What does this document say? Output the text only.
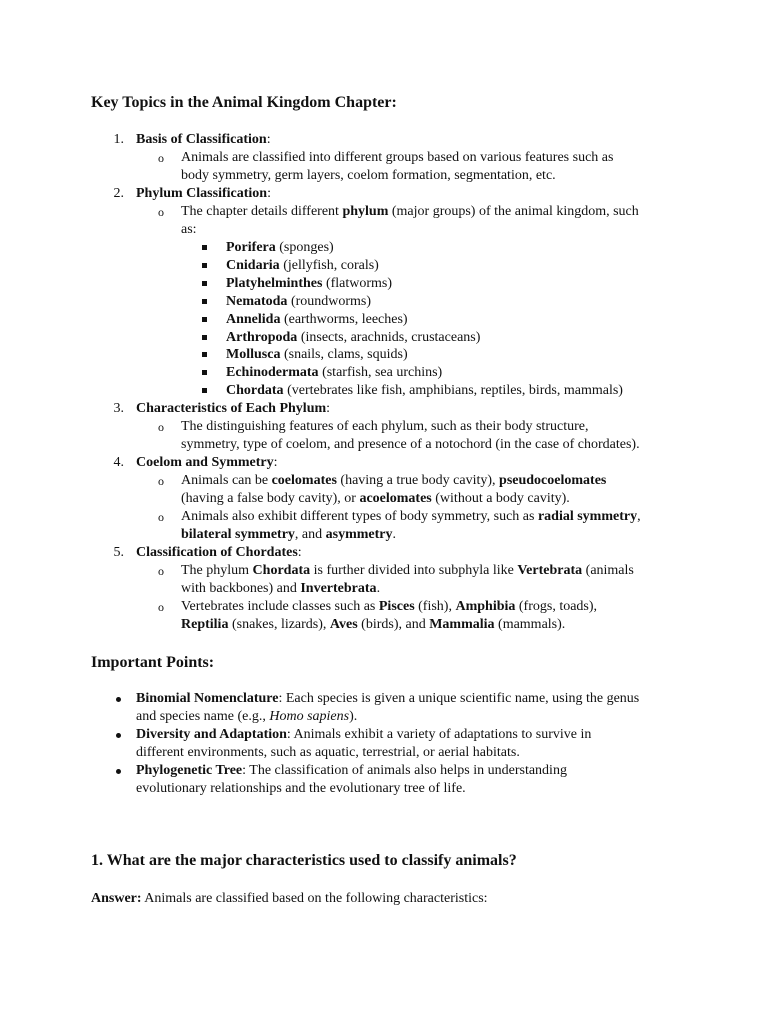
Key Topics in the Animal Kingdom Chapter:
1. Basis of Classification:
o Animals are classified into different groups based on various features such as
body symmetry, germ layers, coelom formation, segmentation, etc.
2. Phylum Classification:
o The chapter details different phylum (major groups) of the animal kingdom, such
as:
Porifera (sponges)
Cnidaria (jellyfish, corals)
Platyhelminthes (flatworms)
Nematoda (roundworms)
Annelida (earthworms, leeches)
Arthropoda (insects, arachnids, crustaceans)
Mollusca (snails, clams, squids)
Echinodermata (starfish, sea urchins)
Chordata (vertebrates like fish, amphibians, reptiles, birds, mammals)
3. Characteristics of Each Phylum:
o The distinguishing features of each phylum, such as their body structure,
symmetry, type of coelom, and presence of a notochord (in the case of chordates).
4. Coelom and Symmetry:
o Animals can be coelomates (having a true body cavity), pseudocoelomates
(having a false body cavity), or acoelomates (without a body cavity).
o Animals also exhibit different types of body symmetry, such as radial symmetry,
bilateral symmetry, and asymmetry.
5. Classification of Chordates:
o The phylum Chordata is further divided into subphyla like Vertebrata (animals
with backbones) and Invertebrata.
o Vertebrates include classes such as Pisces (fish), Amphibia (frogs, toads),
Reptilia (snakes, lizards), Aves (birds), and Mammalia (mammals).
Important Points:
Binomial Nomenclature: Each species is given a unique scientific name, using the genus
and species name (e.g., Homo sapiens).
Diversity and Adaptation: Animals exhibit a variety of adaptations to survive in
different environments, such as aquatic, terrestrial, or aerial habitats.
Phylogenetic Tree: The classification of animals also helps in understanding
evolutionary relationships and the evolutionary tree of life.
1. What are the major characteristics used to classify animals?
Answer: Animals are classified based on the following characteristics:
